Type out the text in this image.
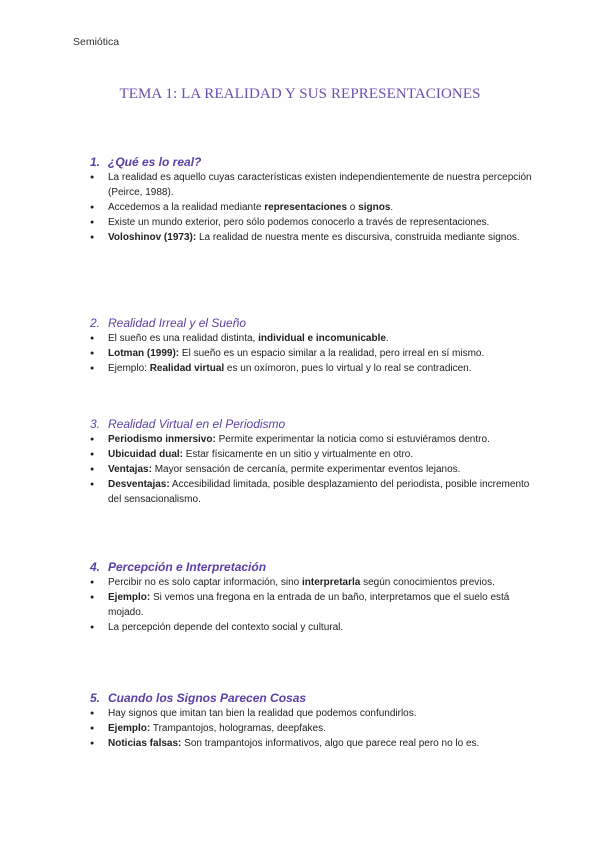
Semiótica
TEMA 1: LA REALIDAD Y SUS REPRESENTACIONES
1. ¿Qué es lo real?
● La realidad es aquello cuyas características existen independientemente de nuestra percepción (Peirce, 1988).
● Accedemos a la realidad mediante representaciones o signos.
● Existe un mundo exterior, pero sólo podemos conocerlo a través de representaciones.
● Voloshinov (1973): La realidad de nuestra mente es discursiva, construida mediante signos.
2. Realidad Irreal y el Sueño
● El sueño es una realidad distinta, individual e incomunicable.
● Lotman (1999): El sueño es un espacio similar a la realidad, pero irreal en sí mismo.
● Ejemplo: Realidad virtual es un oxímoron, pues lo virtual y lo real se contradicen.
3. Realidad Virtual en el Periodismo
● Periodismo inmersivo: Permite experimentar la noticia como si estuviéramos dentro.
● Ubicuidad dual: Estar físicamente en un sitio y virtualmente en otro.
● Ventajas: Mayor sensación de cercanía, permite experimentar eventos lejanos.
● Desventajas: Accesibilidad limitada, posible desplazamiento del periodista, posible incremento del sensacionalismo.
4. Percepción e Interpretación
● Percibir no es solo captar información, sino interpretarla según conocimientos previos.
● Ejemplo: Si vemos una fregona en la entrada de un baño, interpretamos que el suelo está mojado.
● La percepción depende del contexto social y cultural.
5. Cuando los Signos Parecen Cosas
● Hay signos que imitan tan bien la realidad que podemos confundirlos.
● Ejemplo: Trampantojos, hologramas, deepfakes.
● Noticias falsas: Son trampantojos informativos, algo que parece real pero no lo es.
